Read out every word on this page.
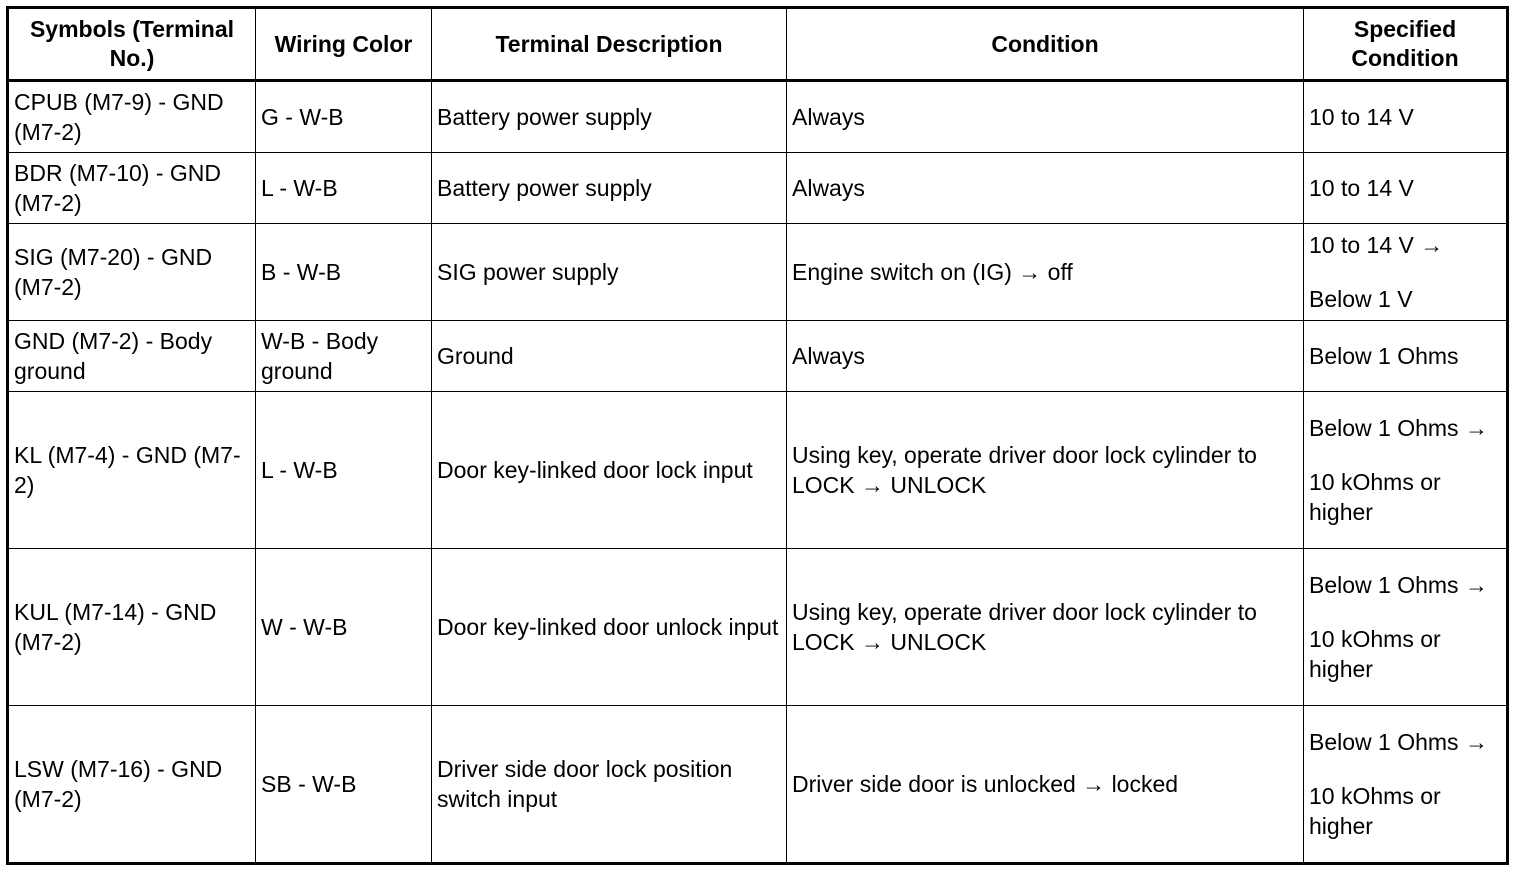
Symbols (Terminal No.)	Wiring Color	Terminal Description	Condition	Specified Condition
CPUB (M7-9) - GND (M7-2)	G - W-B	Battery power supply	Always	10 to 14 V

BDR (M7-10) - GND (M7-2)	L - W-B	Battery power supply	Always	10 to 14 V

SIG (M7-20) - GND (M7-2)	B - W-B	SIG power supply	Engine switch on (IG) → off	10 to 14 V →
Below 1 V

GND (M7-2) - Body ground	W-B - Body ground	Ground	Always	Below 1 Ohms

KL (M7-4) - GND (M7-2)	L - W-B	Door key-linked door lock input	Using key, operate driver door lock cylinder to LOCK → UNLOCK	Below 1 Ohms →
10 kOhms or higher

KUL (M7-14) - GND (M7-2)	W - W-B	Door key-linked door unlock input	Using key, operate driver door lock cylinder to LOCK → UNLOCK	Below 1 Ohms →
10 kOhms or higher

LSW (M7-16) - GND (M7-2)	SB - W-B	Driver side door lock position switch input	Driver side door is unlocked → locked	Below 1 Ohms →
10 kOhms or higher
